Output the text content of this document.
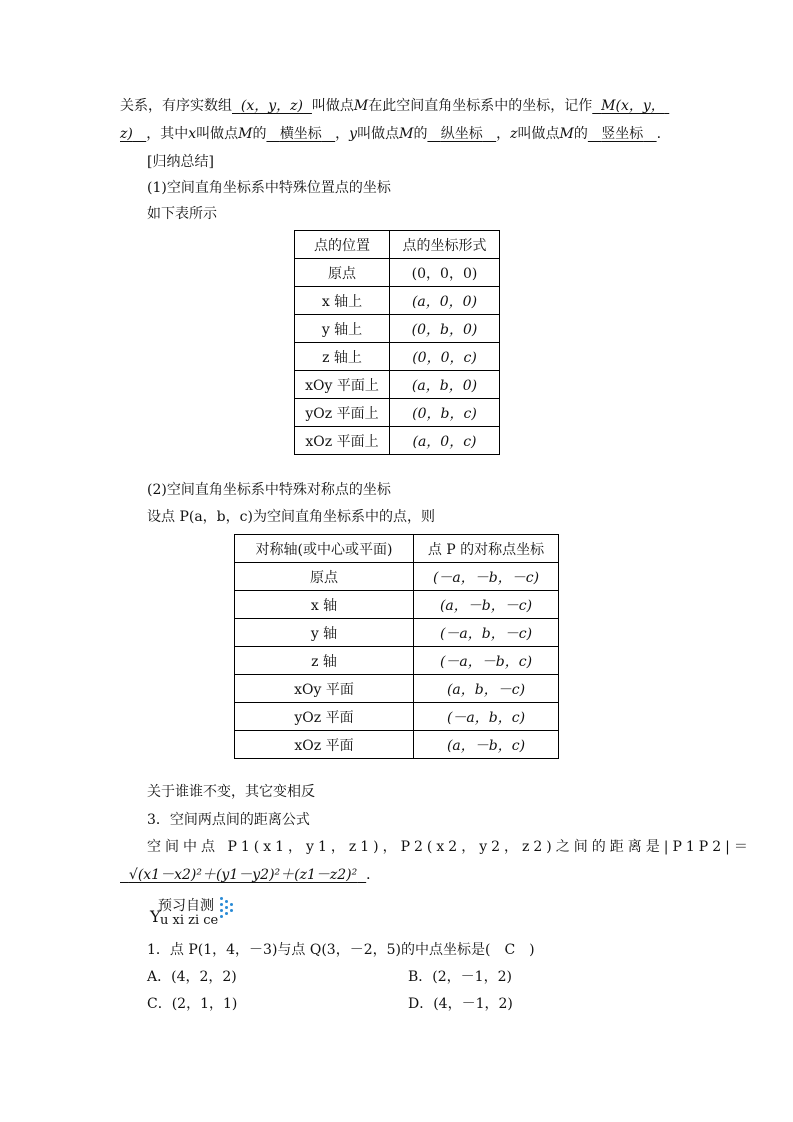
关系，有序实数组 (x，y，z) 叫做点M在此空间直角坐标系中的坐标，记作 M(x，y，
z) ，其中x叫做点M的 横坐标 ，y叫做点M的 纵坐标 ，z叫做点M的 竖坐标 .
[归纳总结]
(1)空间直角坐标系中特殊位置点的坐标
如下表所示
点的位置	点的坐标形式
原点	(0，0，0)
x 轴上	(a，0，0)
y 轴上	(0，b，0)
z 轴上	(0，0，c)
xOy 平面上	(a，b，0)
yOz 平面上	(0，b，c)
xOz 平面上	(a，0，c)
(2)空间直角坐标系中特殊对称点的坐标
设点 P(a，b，c)为空间直角坐标系中的点，则
对称轴(或中心或平面)	点 P 的对称点坐标
原点	(－a，－b，－c)
x 轴	(a，－b，－c)
y 轴	(－a，b，－c)
z 轴	(－a，－b，c)
xOy 平面	(a，b，－c)
yOz 平面	(－a，b，c)
xOz 平面	(a，－b，c)
关于谁谁不变，其它变相反
3．空间两点间的距离公式
空间中点 P1(x1，y1，z1)，P2(x2，y2，z2)之间的距离是|P1P2|＝
√(x1－x2)²＋(y1－y2)²＋(z1－z2)² ．
预习自测
Y u xi zi ce
1．点 P(1，4，－3)与点 Q(3，－2，5)的中点坐标是(　C　)
A．(4，2，2)	B．(2，－1，2)
C．(2，1，1)	D．(4，－1，2)
